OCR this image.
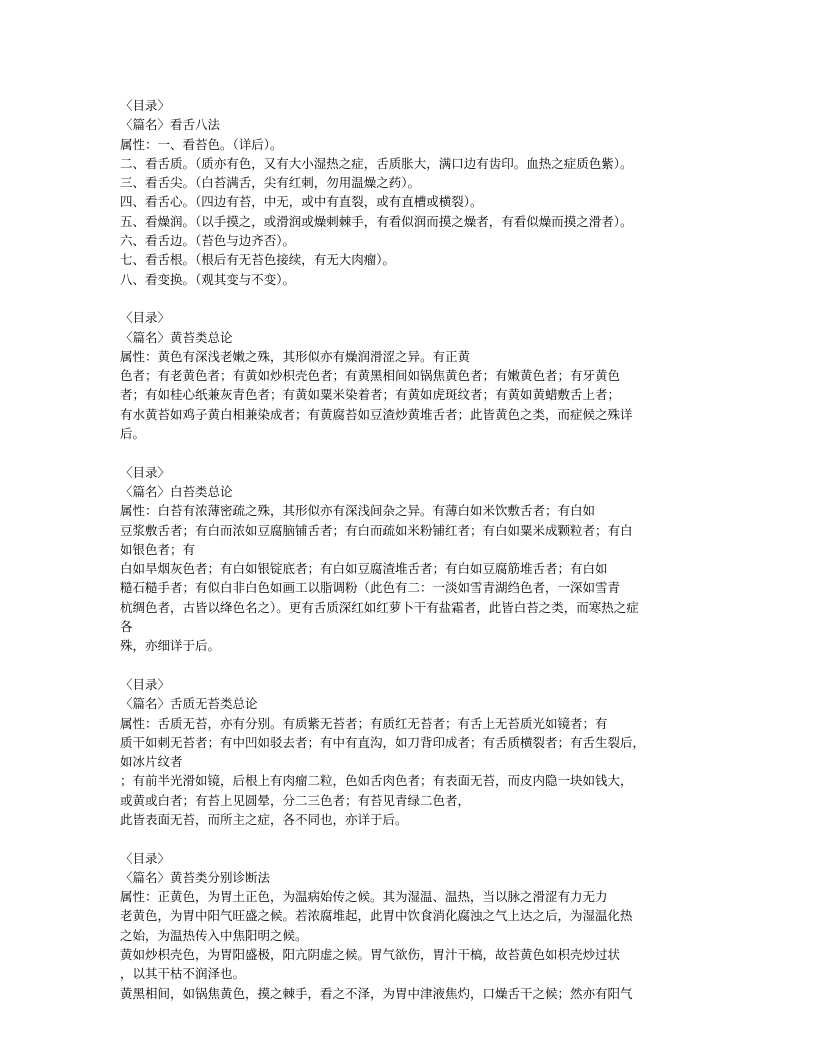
〈目录〉
〈篇名〉看舌八法
属性：一、看苔色。（详后）。
二、看舌质。（质亦有色，又有大小湿热之症，舌质胀大，满口边有齿印。血热之症质色紫）。
三、看舌尖。（白苔满舌，尖有红刺，勿用温燥之药）。
四、看舌心。（四边有苔，中无，或中有直裂，或有直槽或横裂）。
五、看燥润。（以手摸之，或滑润或燥刺棘手，有看似润而摸之燥者，有看似燥而摸之滑者）。
六、看舌边。（苔色与边齐否）。
七、看舌根。（根后有无苔色接续，有无大肉瘤）。
八、看变换。（观其变与不变）。
〈目录〉
〈篇名〉黄苔类总论
属性：黄色有深浅老嫩之殊，其形似亦有燥润滑涩之异。有正黄
色者；有老黄色者；有黄如炒枳壳色者；有黄黑相间如锅焦黄色者；有嫩黄色者；有牙黄色
者；有如桂心纸兼灰青色者；有黄如粟米染着者；有黄如虎斑纹者；有黄如黄蜡敷舌上者；
有水黄苔如鸡子黄白相兼染成者；有黄腐苔如豆渣炒黄堆舌者；此皆黄色之类，而症候之殊详
后。
〈目录〉
〈篇名〉白苔类总论
属性：白苔有浓薄密疏之殊，其形似亦有深浅间杂之异。有薄白如米饮敷舌者；有白如
豆浆敷舌者；有白而浓如豆腐脑铺舌者；有白而疏如米粉铺红者；有白如粟米成颗粒者；有白
如银色者；有
白如旱烟灰色者；有白如银锭底者；有白如豆腐渣堆舌者；有白如豆腐筋堆舌者；有白如
糙石糙手者；有似白非白色如画工以脂调粉（此色有二：一淡如雪青湖绉色者，一深如雪青
杭绸色者，古皆以绛色名之）。更有舌质深红如红萝卜干有盐霜者，此皆白苔之类，而寒热之症
各
殊，亦细详于后。
〈目录〉
〈篇名〉舌质无苔类总论
属性：舌质无苔，亦有分别。有质紫无苔者；有质红无苔者；有舌上无苔质光如镜者；有
质干如刺无苔者；有中凹如驳去者；有中有直沟，如刀背印成者；有舌质横裂者；有舌生裂后，
如冰片纹者
；有前半光滑如镜，后根上有肉瘤二粒，色如舌肉色者；有表面无苔，而皮内隐一块如钱大，
或黄或白者；有苔上见圆晕，分二三色者；有苔见青绿二色者，
此皆表面无苔，而所主之症，各不同也，亦详于后。
〈目录〉
〈篇名〉黄苔类分别诊断法
属性：正黄色，为胃土正色，为温病始传之候。其为湿温、温热，当以脉之滑涩有力无力
老黄色，为胃中阳气旺盛之候。若浓腐堆起，此胃中饮食消化腐浊之气上达之后，为湿温化热
之始，为温热传入中焦阳明之候。
黄如炒枳壳色，为胃阳盛极，阳亢阴虚之候。胃气欲伤，胃汁干槁，故苔黄色如枳壳炒过状
，以其干枯不润泽也。
黄黑相间，如锅焦黄色，摸之棘手，看之不泽，为胃中津液焦灼，口燥舌干之候；然亦有阳气
